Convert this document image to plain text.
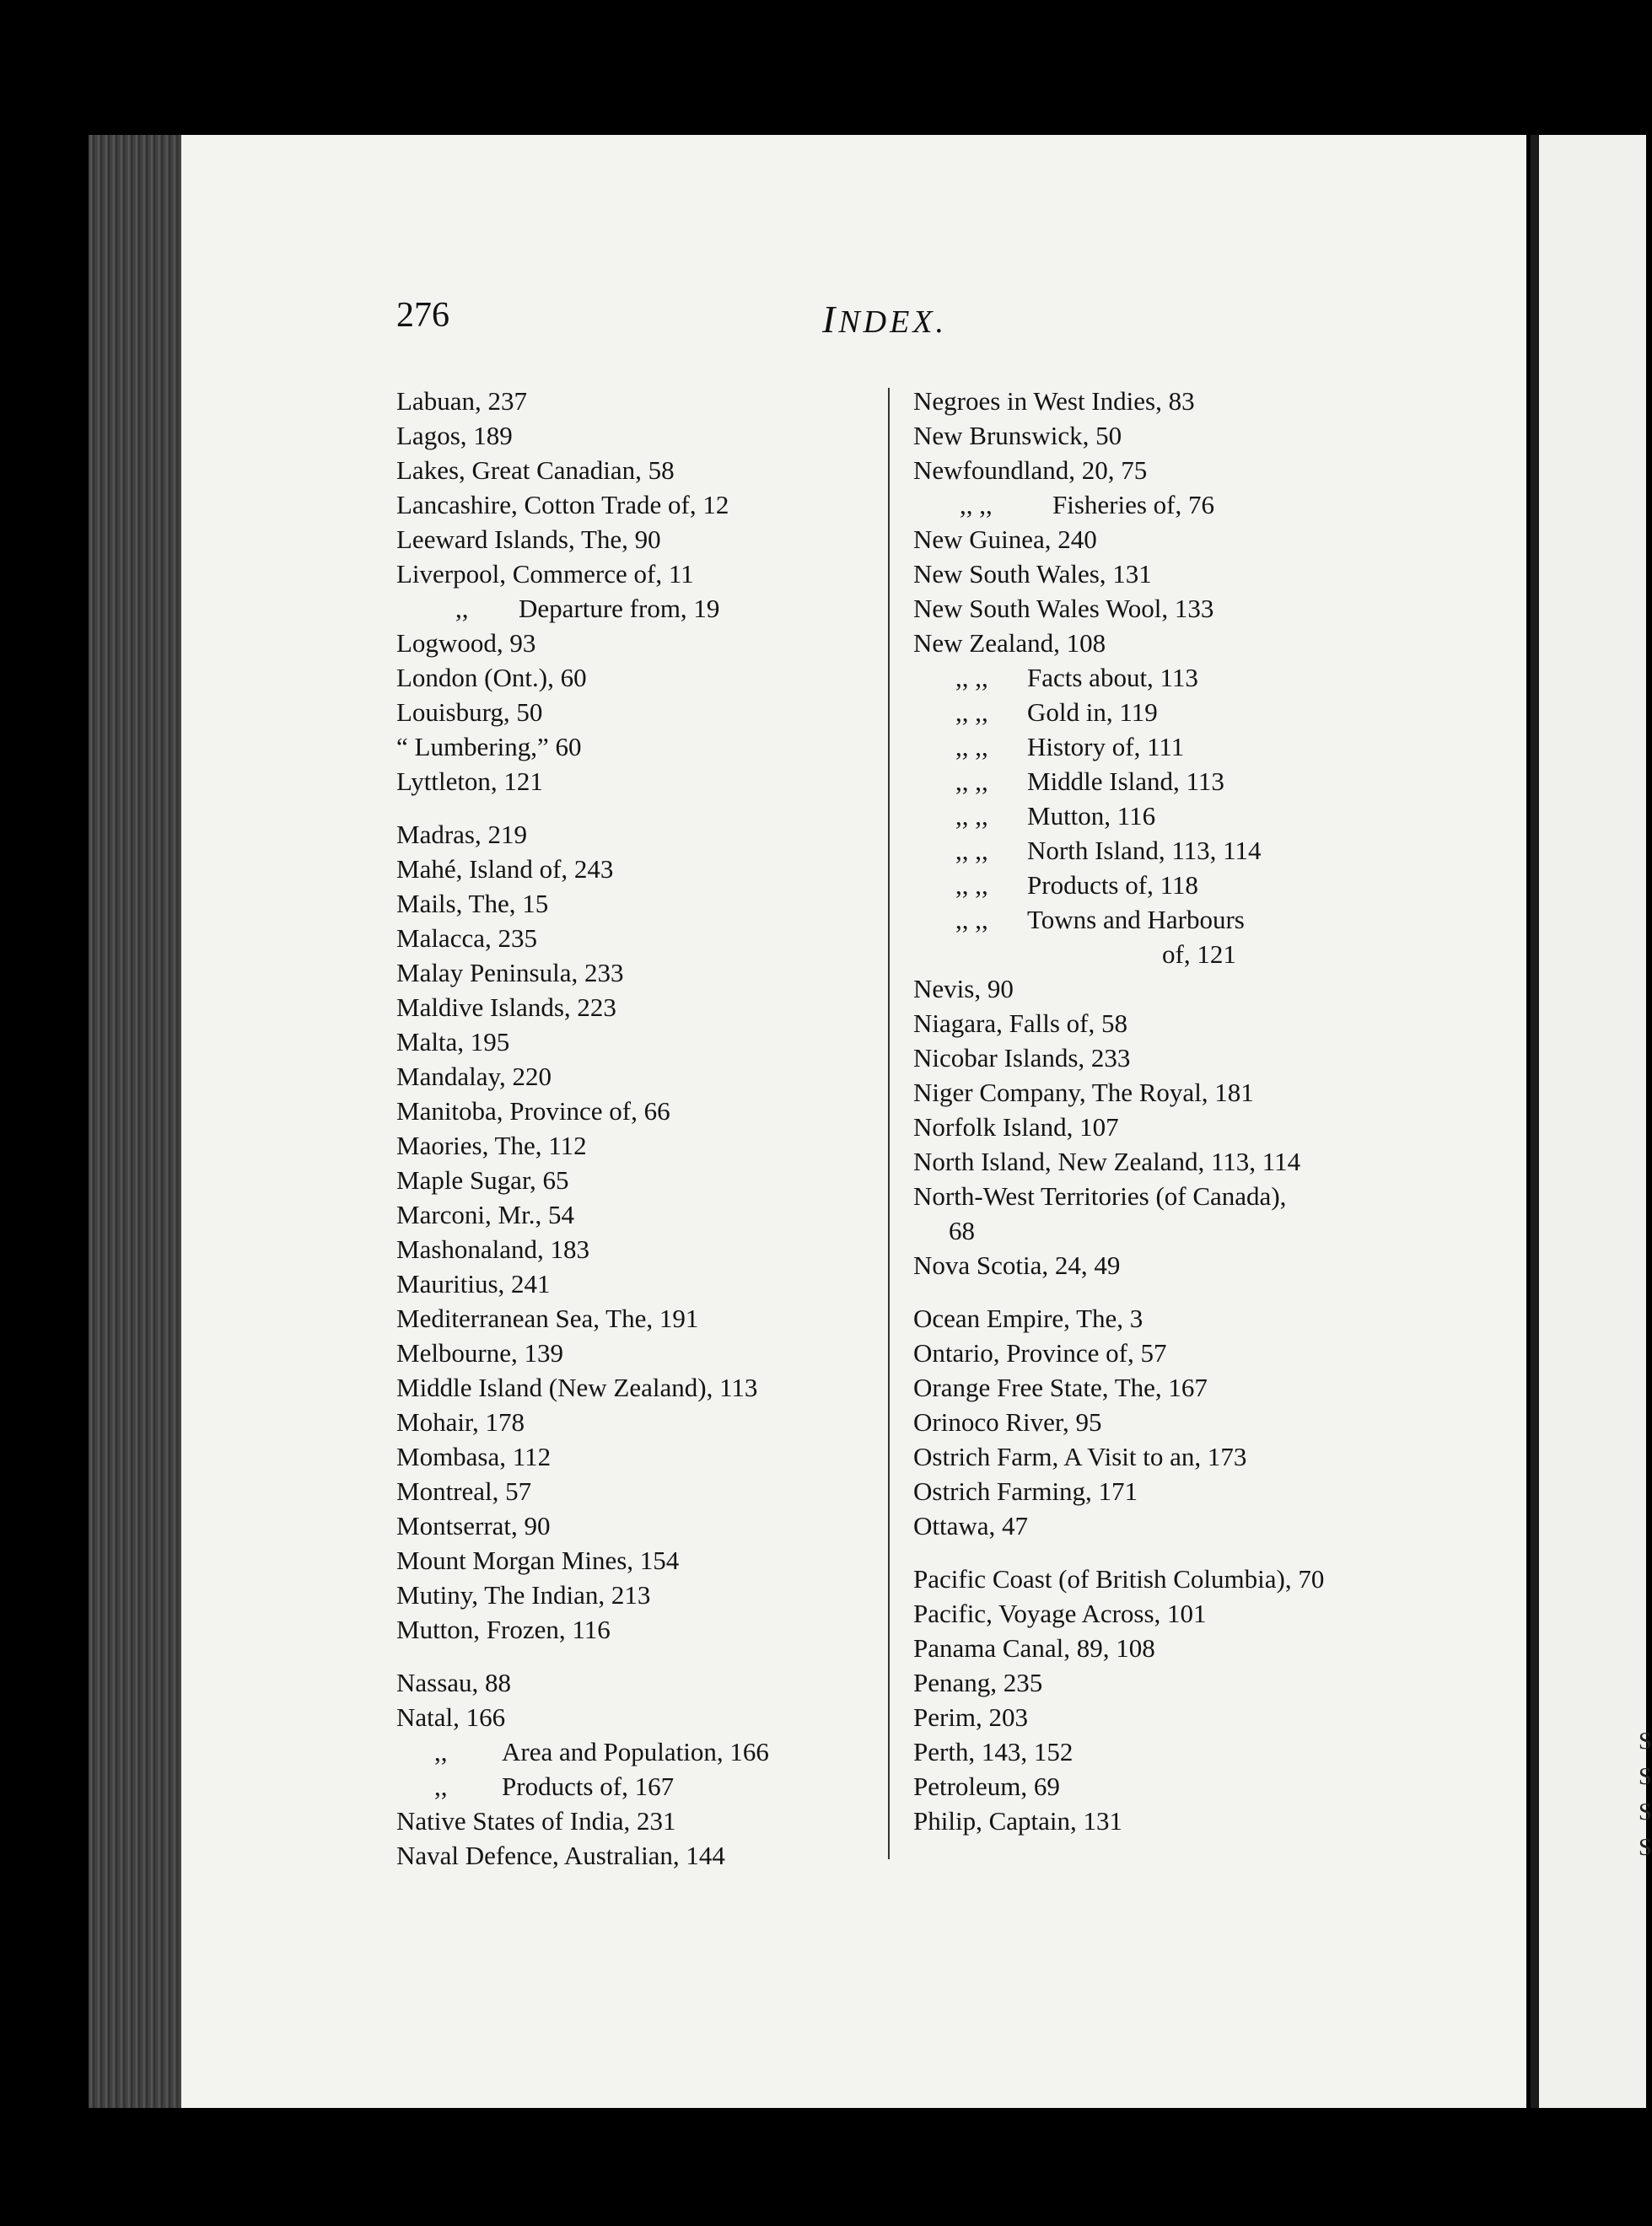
S
S
S
S
276	INDEX.
Labuan, 237
Lagos, 189
Lakes, Great Canadian, 58
Lancashire, Cotton Trade of, 12
Leeward Islands, The, 90
Liverpool, Commerce of, 11
,, Departure from, 19
Logwood, 93
London (Ont.), 60
Louisburg, 50
“ Lumbering,” 60
Lyttleton, 121
Madras, 219
Mahé, Island of, 243
Mails, The, 15
Malacca, 235
Malay Peninsula, 233
Maldive Islands, 223
Malta, 195
Mandalay, 220
Manitoba, Province of, 66
Maories, The, 112
Maple Sugar, 65
Marconi, Mr., 54
Mashonaland, 183
Mauritius, 241
Mediterranean Sea, The, 191
Melbourne, 139
Middle Island (New Zealand), 113
Mohair, 178
Mombasa, 112
Montreal, 57
Montserrat, 90
Mount Morgan Mines, 154
Mutiny, The Indian, 213
Mutton, Frozen, 116
Nassau, 88
Natal, 166
,, Area and Population, 166
,, Products of, 167
Native States of India, 231
Naval Defence, Australian, 144
Negroes in West Indies, 83
New Brunswick, 50
Newfoundland, 20, 75
,, ,, Fisheries of, 76
New Guinea, 240
New South Wales, 131
New South Wales Wool, 133
New Zealand, 108
,, ,, Facts about, 113
,, ,, Gold in, 119
,, ,, History of, 111
,, ,, Middle Island, 113
,, ,, Mutton, 116
,, ,, North Island, 113, 114
,, ,, Products of, 118
,, ,, Towns and Harbours
of, 121
Nevis, 90
Niagara, Falls of, 58
Nicobar Islands, 233
Niger Company, The Royal, 181
Norfolk Island, 107
North Island, New Zealand, 113, 114
North-West Territories (of Canada),
68
Nova Scotia, 24, 49
Ocean Empire, The, 3
Ontario, Province of, 57
Orange Free State, The, 167
Orinoco River, 95
Ostrich Farm, A Visit to an, 173
Ostrich Farming, 171
Ottawa, 47
Pacific Coast (of British Columbia), 70
Pacific, Voyage Across, 101
Panama Canal, 89, 108
Penang, 235
Perim, 203
Perth, 143, 152
Petroleum, 69
Philip, Captain, 131
